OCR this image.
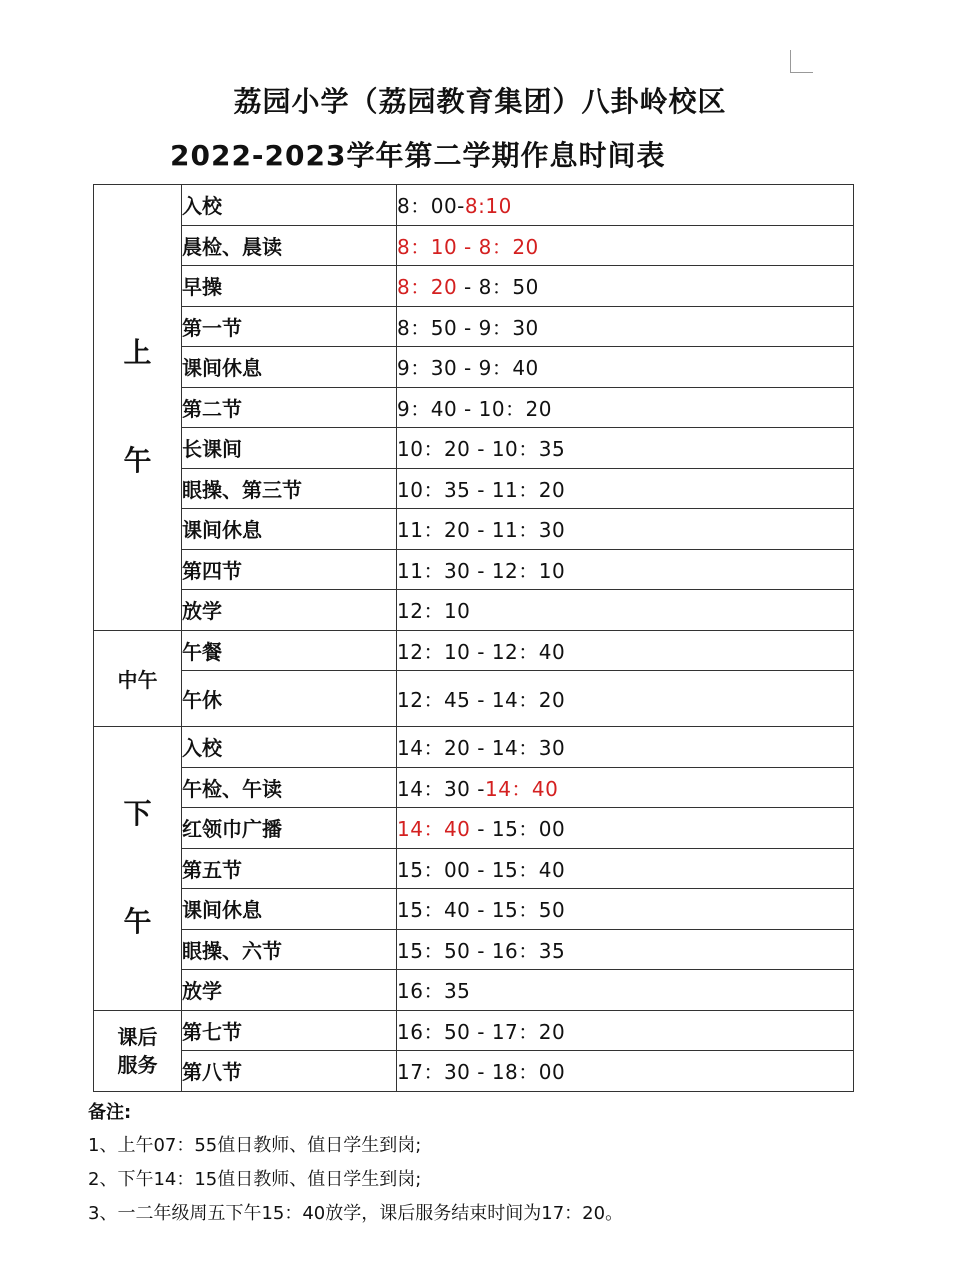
荔园小学（荔园教育集团）八卦岭校区
2022-2023学年第二学期作息时间表
上
午	入校	8：00-8:10
	晨检、晨读	8：10 - 8：20
	早操	8：20 - 8：50
	第一节	8：50 - 9：30
	课间休息	9：30 - 9：40
	第二节	9：40 - 10：20
	长课间	10：20 - 10：35
	眼操、第三节	10：35 - 11：20
	课间休息	11：20 - 11：30
	第四节	11：30 - 12：10
	放学	12：10
中午	午餐	12：10 - 12：40
	午休	12：45 - 14：20

下
午	入校	14：20 - 14：30
	午检、午读	14：30 -14：40
	红领巾广播	14：40 - 15：00
	第五节	15：00 - 15：40
	课间休息	15：40 - 15：50
	眼操、六节	15：50 - 16：35
	放学	16：35

课后
服务	第七节	16：50 - 17：20
	第八节	17：30 - 18：00
备注:
1、上午07：55值日教师、值日学生到岗;
2、下午14：15值日教师、值日学生到岗;
3、一二年级周五下午15：40放学，课后服务结束时间为17：20。
